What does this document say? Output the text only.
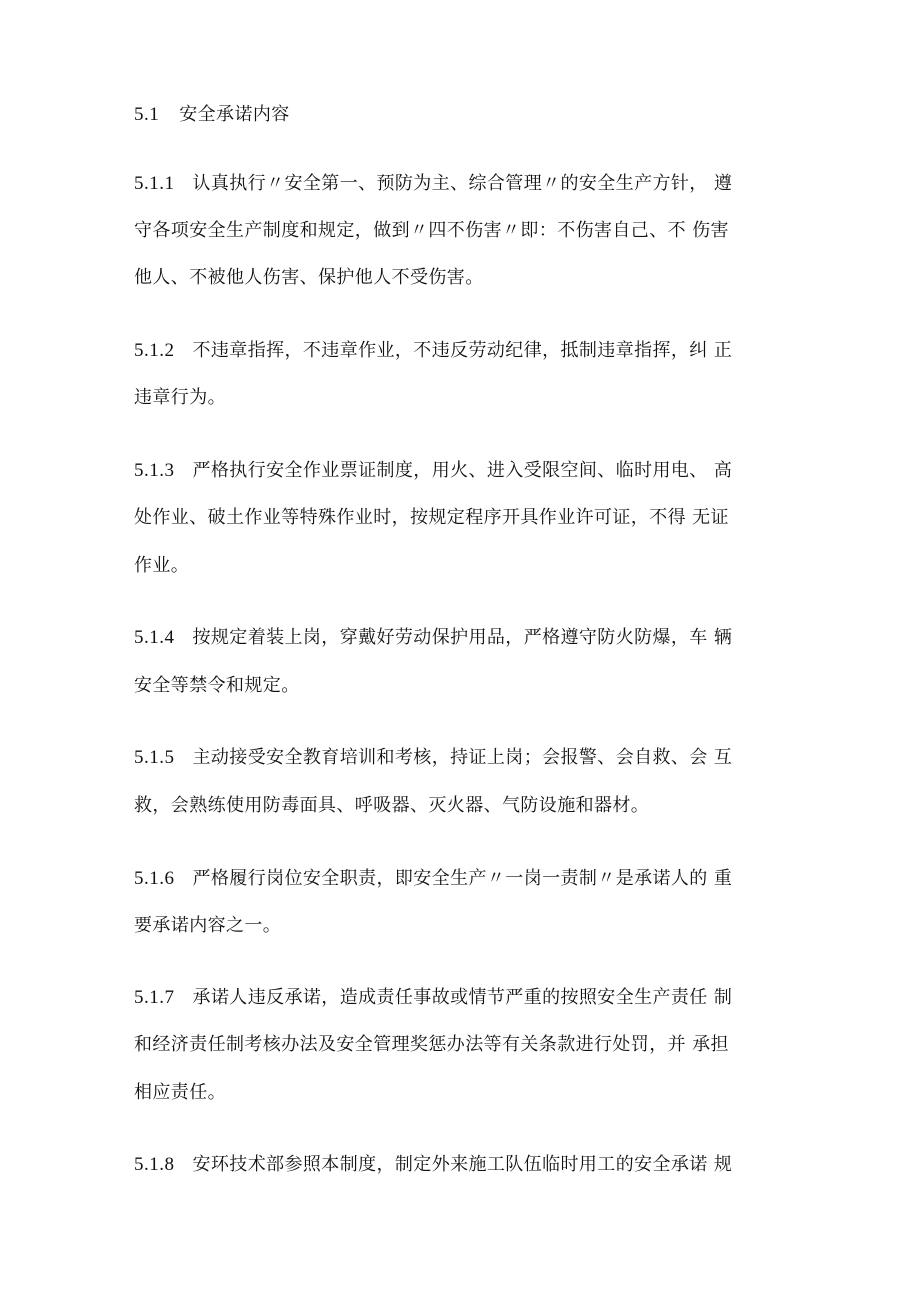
5.1 安全承诺内容
5.1.1 认真执行〃安全第一、预防为主、综合管理〃的安全生产方针， 遵
守各项安全生产制度和规定，做到〃四不伤害〃即：不伤害自己、不 伤害
他人、不被他人伤害、保护他人不受伤害。
5.1.2 不违章指挥，不违章作业，不违反劳动纪律，抵制违章指挥，纠 正
违章行为。
5.1.3 严格执行安全作业票证制度，用火、进入受限空间、临时用电、 高
处作业、破土作业等特殊作业时，按规定程序开具作业许可证，不得 无证
作业。
5.1.4 按规定着装上岗，穿戴好劳动保护用品，严格遵守防火防爆，车 辆
安全等禁令和规定。
5.1.5 主动接受安全教育培训和考核，持证上岗；会报警、会自救、会 互
救，会熟练使用防毒面具、呼吸器、灭火器、气防设施和器材。
5.1.6 严格履行岗位安全职责，即安全生产〃一岗一责制〃是承诺人的 重
要承诺内容之一。
5.1.7 承诺人违反承诺，造成责任事故或情节严重的按照安全生产责任 制
和经济责任制考核办法及安全管理奖惩办法等有关条款进行处罚，并 承担
相应责任。
5.1.8 安环技术部参照本制度，制定外来施工队伍临时用工的安全承诺 规
